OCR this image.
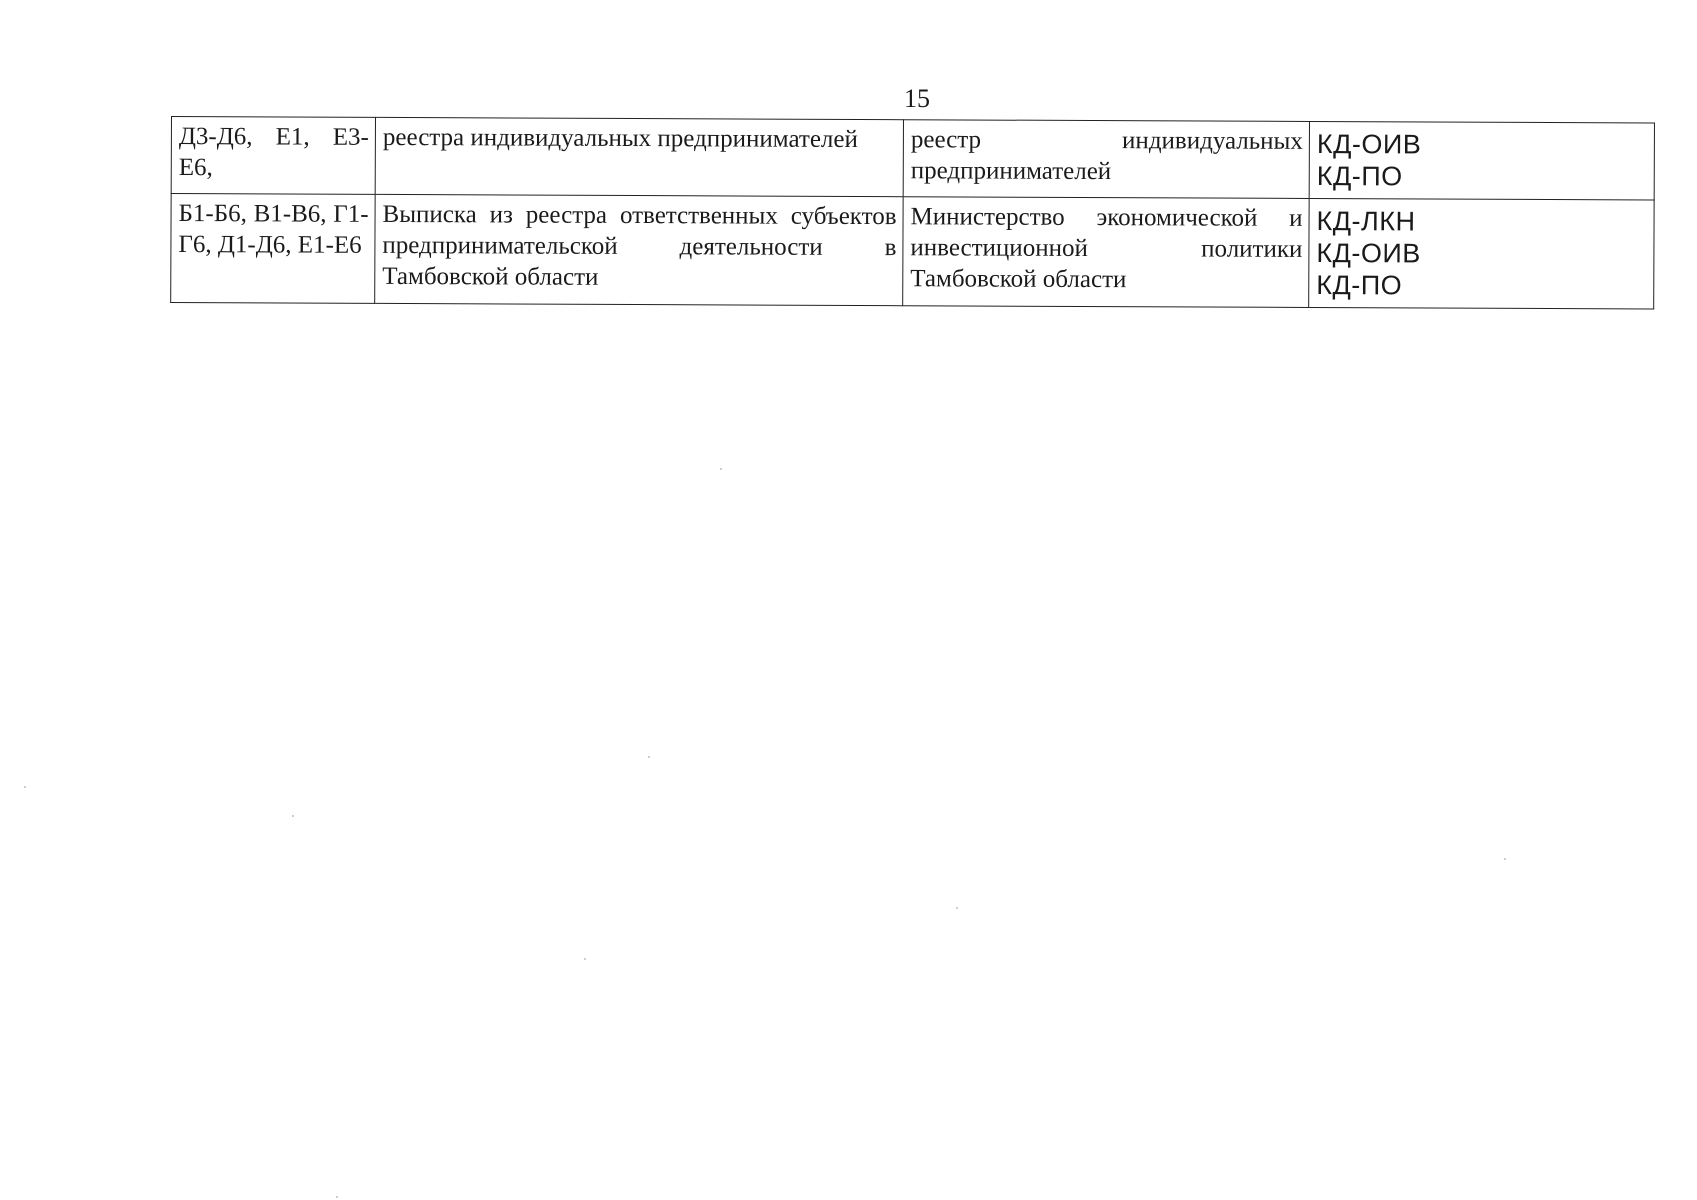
15
Д3-Д6, Е1, Е3-Е6,	реестра индивидуальных предпринимателей	реестр индивидуальных предпринимателей	КД-ОИВ
КД-ПО

Б1-Б6, В1-В6, Г1-Г6, Д1-Д6, Е1-Е6	Выписка из реестра ответственных субъектов предпринимательской деятельности в Тамбовской области	Министерство экономической и инвестиционной политики Тамбовской области	КД-ЛКН
КД-ОИВ
КД-ПО
